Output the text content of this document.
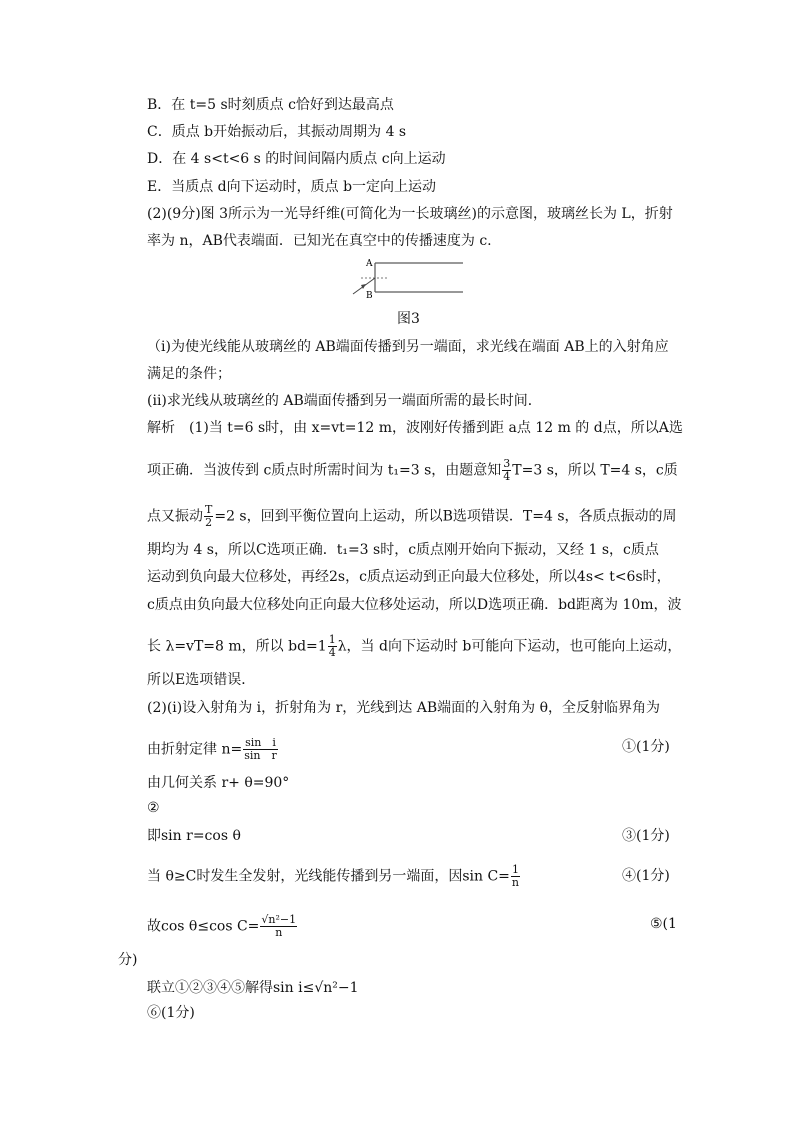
B．在 t=5 s时刻质点 c恰好到达最高点
C．质点 b开始振动后，其振动周期为 4 s
D．在 4 s<t<6 s 的时间间隔内质点 c向上运动
E．当质点 d向下运动时，质点 b一定向上运动
(2)(9分)图 3所示为一光导纤维(可简化为一长玻璃丝)的示意图，玻璃丝长为 L，折射
率为 n，AB代表端面．已知光在真空中的传播速度为 c.
A
B
图3
（ⅰ)为使光线能从玻璃丝的 AB端面传播到另一端面，求光线在端面 AB上的入射角应
满足的条件；
(ⅱ)求光线从玻璃丝的 AB端面传播到另一端面所需的最长时间．
解析　(1)当 t=6 s时，由 x=vt=12 m，波刚好传播到距 a点 12 m 的 d点，所以A选
项正确．当波传到 c质点时所需时间为 t₁=3 s，由题意知 $\frac{3}{4} T=3$ s，所以 T=4 s，c质
点又振动 $\frac{T}{2} =2$ s，回到平衡位置向上运动，所以B选项错误．T=4 s，各质点振动的周
期均为 4 s，所以C选项正确．t₁=3 s时，c质点刚开始向下振动，又经 1 s，c质点
运动到负向最大位移处，再经2s，c质点运动到正向最大位移处，所以4s< t<6s时，
c质点由负向最大位移处向正向最大位移处运动，所以D选项正确．bd距离为 10m，波
长 λ=vT=8 m，所以 $bd=1 \frac{1}{4}$ λ，当 d向下运动时 b可能向下运动，也可能向上运动，
所以E选项错误．
(2)(ⅰ)设入射角为 i，折射角为 r，光线到达 AB端面的入射角为 θ，全反射临界角为
由折射定律 $n= \frac{\text{sin　i}}{\text{sin　r}}$	①(1分)
由几何关系 r+ θ=90°
②
即sin r=cos θ	③(1分)
当 θ≥C时发生全发射，光线能传播到另一端面，因$\sin C= \frac{1}{n}$	④(1分)
故cos θ≤cos $C= \frac{\text{√n²−1}}{n}$	⑤(1
分)
联立①②③④⑤解得sin i≤√n²−1
⑥(1分)
